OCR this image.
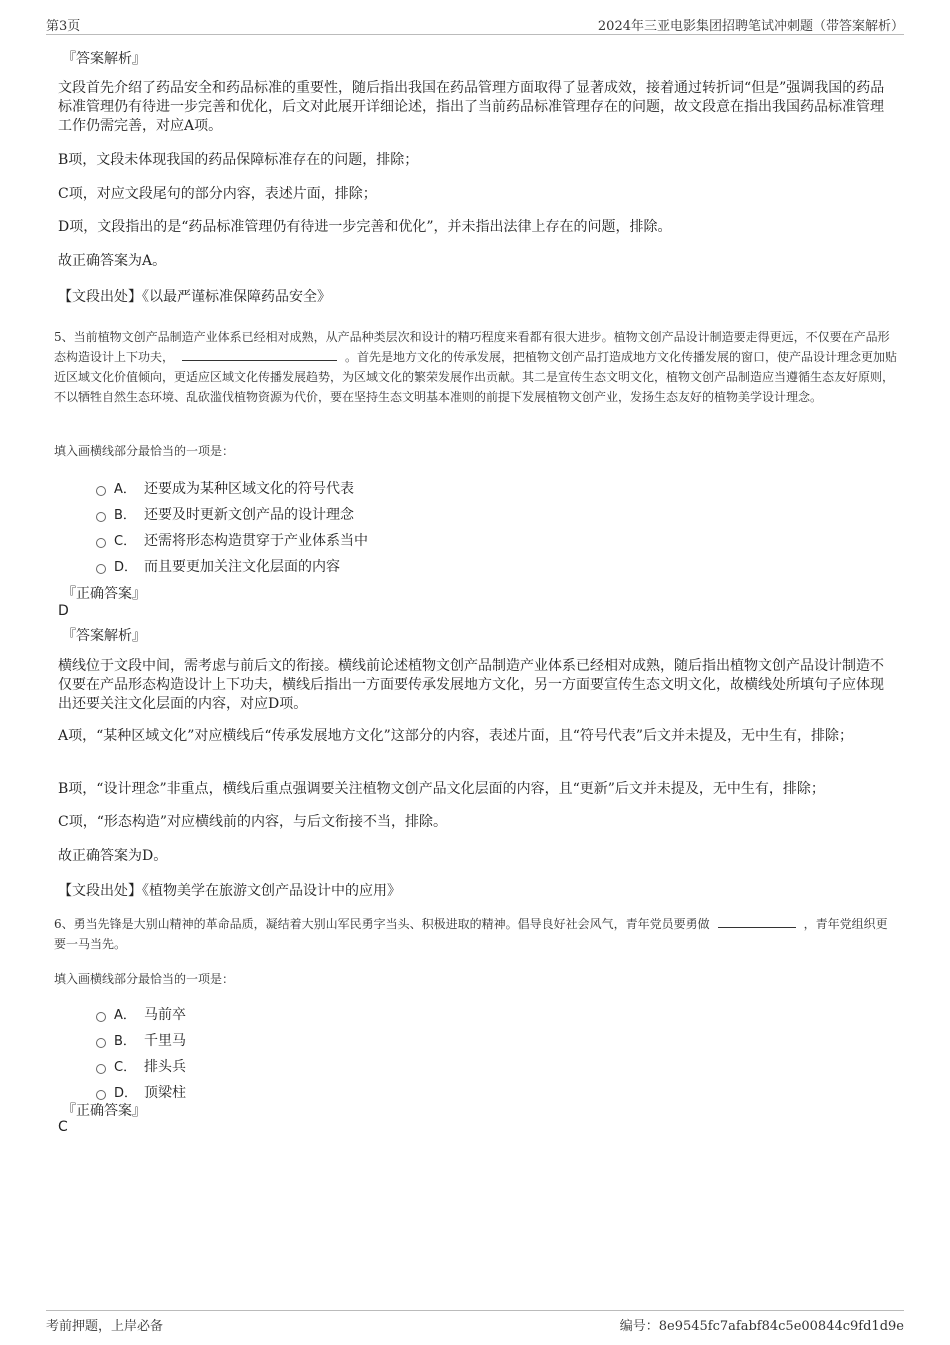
第3页	2024年三亚电影集团招聘笔试冲刺题（带答案解析）

『答案解析』

文段首先介绍了药品安全和药品标准的重要性，随后指出我国在药品管理方面取得了显著成效，接着通过转折词“但是”强调我国的药品标准管理仍有待进一步完善和优化，后文对此展开详细论述，指出了当前药品标准管理存在的问题，故文段意在指出我国药品标准管理工作仍需完善，对应A项。

B项，文段未体现我国的药品保障标准存在的问题，排除；

C项，对应文段尾句的部分内容，表述片面，排除；

D项，文段指出的是“药品标准管理仍有待进一步完善和优化”，并未指出法律上存在的问题，排除。

故正确答案为A。

【文段出处】《以最严谨标准保障药品安全》

5、当前植物文创产品制造产业体系已经相对成熟，从产品种类层次和设计的精巧程度来看都有很大进步。植物文创产品设计制造要走得更远，不仅要在产品形态构造设计上下功夫，	。首先是地方文化的传承发展，把植物文创产品打造成地方文化传播发展的窗口，使产品设计理念更加贴近区域文化价值倾向，更适应区域文化传播发展趋势，为区域文化的繁荣发展作出贡献。其二是宣传生态文明文化，植物文创产品制造应当遵循生态友好原则，不以牺牲自然生态环境、乱砍滥伐植物资源为代价，要在坚持生态文明基本准则的前提下发展植物文创产业，发扬生态友好的植物美学设计理念。

填入画横线部分最恰当的一项是：

A． 还要成为某种区域文化的符号代表
B． 还要及时更新文创产品的设计理念
C． 还需将形态构造贯穿于产业体系当中
D． 而且要更加关注文化层面的内容

『正确答案』

D

『答案解析』

横线位于文段中间，需考虑与前后文的衔接。横线前论述植物文创产品制造产业体系已经相对成熟，随后指出植物文创产品设计制造不仅要在产品形态构造设计上下功夫，横线后指出一方面要传承发展地方文化，另一方面要宣传生态文明文化，故横线处所填句子应体现出还要关注文化层面的内容，对应D项。

A项，“某种区域文化”对应横线后“传承发展地方文化”这部分的内容，表述片面，且“符号代表”后文并未提及，无中生有，排除；

B项，“设计理念”非重点，横线后重点强调要关注植物文创产品文化层面的内容，且“更新”后文并未提及，无中生有，排除；

C项，“形态构造”对应横线前的内容，与后文衔接不当，排除。

故正确答案为D。

【文段出处】《植物美学在旅游文创产品设计中的应用》

6、勇当先锋是大别山精神的革命品质，凝结着大别山军民勇字当头、积极进取的精神。倡导良好社会风气，青年党员要勇做	，青年党组织更要一马当先。

填入画横线部分最恰当的一项是：

A． 马前卒
B． 千里马
C． 排头兵
D． 顶梁柱

『正确答案』

C

考前押题，上岸必备	编号：8e9545fc7afabf84c5e00844c9fd1d9e
